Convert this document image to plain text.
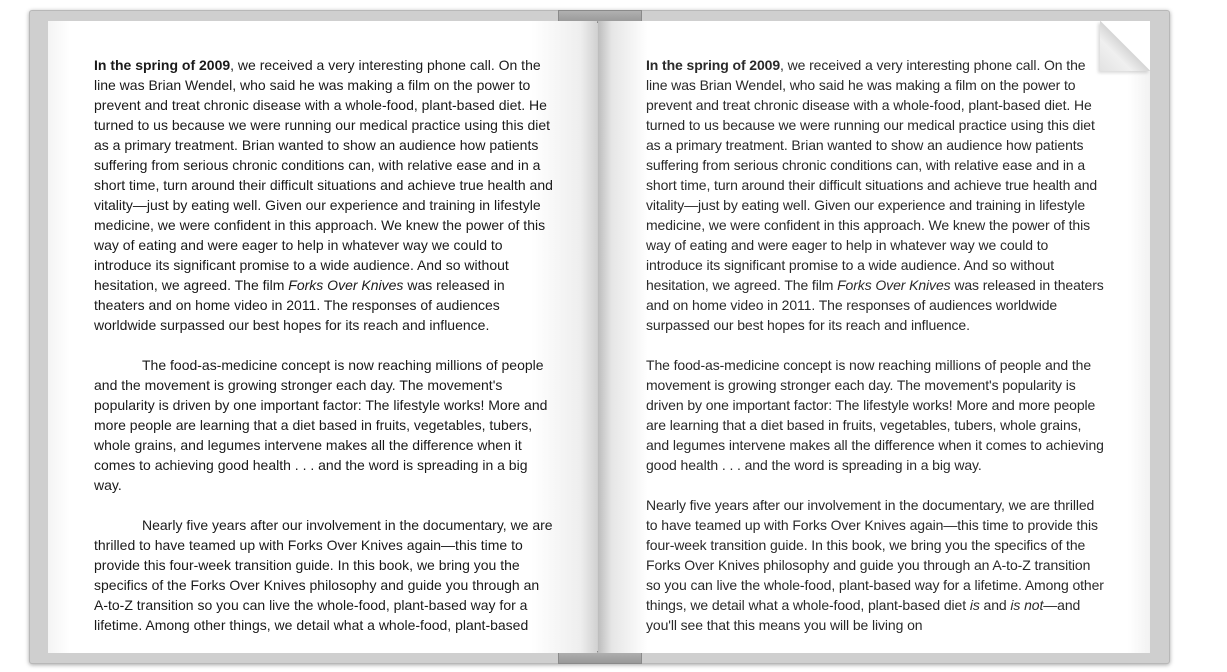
In the spring of 2009, we received a very interesting phone call. On the line was Brian Wendel, who said he was making a film on the power to prevent and treat chronic disease with a whole-food, plant-based diet. He turned to us because we were running our medical practice using this diet as a primary treatment. Brian wanted to show an audience how patients suffering from serious chronic conditions can, with relative ease and in a short time, turn around their difficult situations and achieve true health and vitality—just by eating well. Given our experience and training in lifestyle medicine, we were confident in this approach. We knew the power of this way of eating and were eager to help in whatever way we could to introduce its significant promise to a wide audience. And so without hesitation, we agreed. The film Forks Over Knives was released in theaters and on home video in 2011. The responses of audiences worldwide surpassed our best hopes for its reach and influence.

The food-as-medicine concept is now reaching millions of people and the movement is growing stronger each day. The movement's popularity is driven by one important factor: The lifestyle works! More and more people are learning that a diet based in fruits, vegetables, tubers, whole grains, and legumes intervene makes all the difference when it comes to achieving good health . . . and the word is spreading in a big way.

Nearly five years after our involvement in the documentary, we are thrilled to have teamed up with Forks Over Knives again—this time to provide this four-week transition guide. In this book, we bring you the specifics of the Forks Over Knives philosophy and guide you through an A-to-Z transition so you can live the whole-food, plant-based way for a lifetime. Among other things, we detail what a whole-food, plant-based

In the spring of 2009, we received a very interesting phone call. On the line was Brian Wendel, who said he was making a film on the power to prevent and treat chronic disease with a whole-food, plant-based diet. He turned to us because we were running our medical practice using this diet as a primary treatment. Brian wanted to show an audience how patients suffering from serious chronic conditions can, with relative ease and in a short time, turn around their difficult situations and achieve true health and vitality—just by eating well. Given our experience and training in lifestyle medicine, we were confident in this approach. We knew the power of this way of eating and were eager to help in whatever way we could to introduce its significant promise to a wide audience. And so without hesitation, we agreed. The film Forks Over Knives was released in theaters and on home video in 2011. The responses of audiences worldwide surpassed our best hopes for its reach and influence.

The food-as-medicine concept is now reaching millions of people and the movement is growing stronger each day. The movement's popularity is driven by one important factor: The lifestyle works! More and more people are learning that a diet based in fruits, vegetables, tubers, whole grains, and legumes intervene makes all the difference when it comes to achieving good health . . . and the word is spreading in a big way.

Nearly five years after our involvement in the documentary, we are thrilled to have teamed up with Forks Over Knives again—this time to provide this four-week transition guide. In this book, we bring you the specifics of the Forks Over Knives philosophy and guide you through an A-to-Z transition so you can live the whole-food, plant-based way for a lifetime. Among other things, we detail what a whole-food, plant-based diet is and is not—and you'll see that this means you will be living on
